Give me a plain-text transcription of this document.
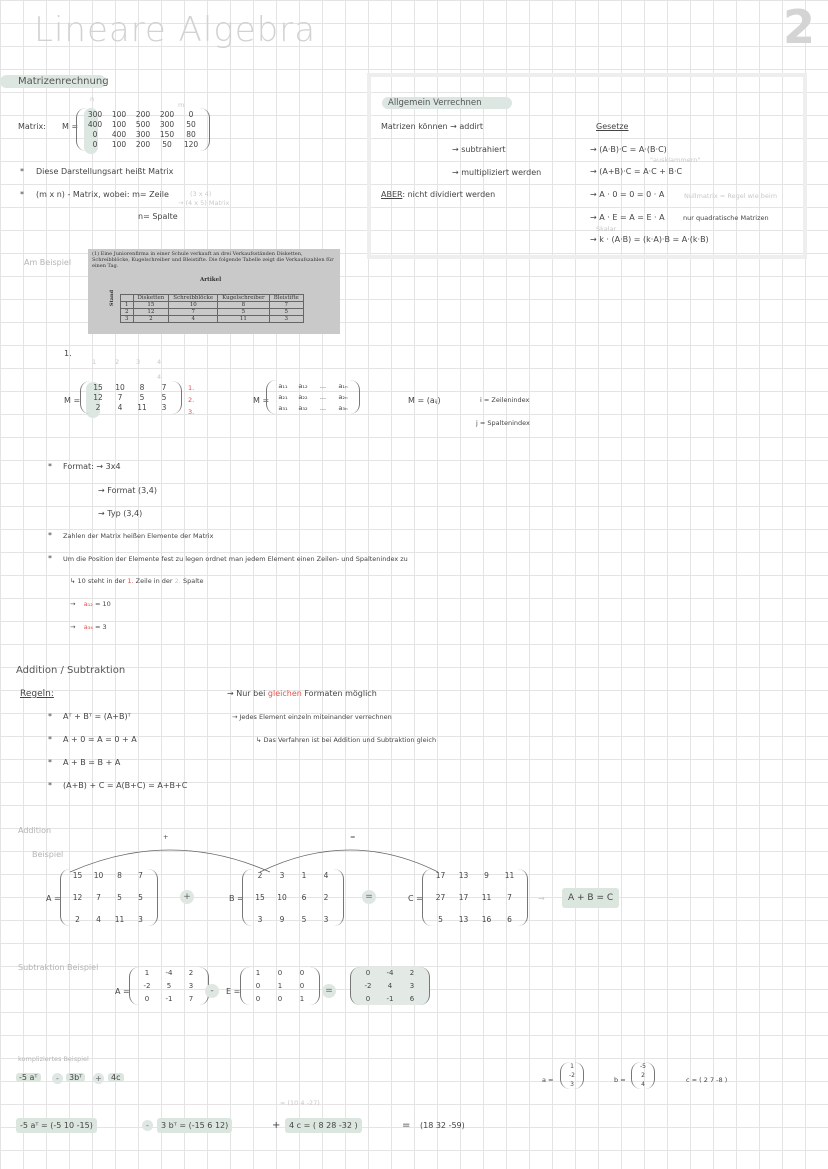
Lineare Algebra	2
Matrizenrechnung
Matrix: M =
n
m
300	100	200	200	0
400	100	500	300	50
0	400	300	150	80
0	100	200	50	120
* Diese Darstellungsart heißt Matrix
* (m x n) - Matrix, wobei: m= Zeile	(3 x 4)
→ (4 x 5) Matrix
n= Spalte
Allgemein Verrechnen
Matrizen können → addirt
→ subtrahiert
→ multipliziert werden
ABER: nicht dividiert werden
Gesetze
→ (A·B)·C = A·(B·C)
"ausklammern"
→ (A+B)·C = A·C + B·C
→ A · 0 = 0 = 0 · A	Nullmatrix = Regel wie beim
→ A · E = A = E · A	nur quadratische Matrizen
Skalar
→ k · (A·B) = (k·A)·B = A·(k·B)
Am Beispiel
(1) Eine Juniorenfirma in einer Schule verkauft an drei Verkaufsständen Disketten, Schreibblöcke, Kugelschreiber und Bleistifte. Die folgende Tabelle zeigt die Verkaufszahlen für einen Tag.
Artikel
Stand
		Disketten	Schreibblöcke	Kugelschreiber	Bleistifte
1	15	10	8	7
2	12	7	5	5
3	2	4	11	3
1.
1	2	3	4
4
M =
15	10	8	7
12	7	5	5
2	4	11	3
1.
2.
3.
M =
a₁₁	a₁₂	...	a₁ₙ
a₂₁	a₂₂	...	a₂ₙ
a₃₁	a₃₂	...	a₃ₙ
M = (aᵢⱼ)	i = Zeilenindex
j = Spaltenindex
* Format: → 3x4
→ Format (3,4)
→ Typ (3,4)
* Zahlen der Matrix heißen Elemente der Matrix
* Um die Position der Elemente fest zu legen ordnet man jedem Element einen Zeilen- und Spaltenindex zu
↳ 10 steht in der 1. Zeile in der 2. Spalte
→ a₁₂ = 10
→ a₃₄ = 3
Addition / Subtraktion
Regeln:
* Aᵀ + Bᵀ = (A+B)ᵀ
* A + 0 = A = 0 + A
* A + B = B + A
* (A+B) + C = A(B+C) = A+B+C
→ Nur bei gleichen Formaten möglich
→ Jedes Element einzeln miteinander verrechnen
↳ Das Verfahren ist bei Addition und Subtraktion gleich
Addition
Beispiel
+	=
A =
15	10	8	7
12	7	5	5
2	4	11	3
+	B =
2	3	1	4
15	10	6	2
3	9	5	3
=	C =
17	13	9	11
27	17	11	7
5	13	16	6
→	A + B = C
Subtraktion Beispiel
A =
1	-4	2
-2	5	3
0	-1	7
-	E =
1	0	0
0	1	0
0	0	1
=
0	-4	2
-2	4	3
0	-1	6
kompliziertes Beispiel
-5 aᵀ	-	3bᵀ	+	4c	a =
1
-2
3
b =
-5
2
4
c = ( 2 7 -8 )
= (10 4 -27)
-5 aᵀ = (-5 10 -15)	-	3 bᵀ = (-15 6 12)	+	4 c = ( 8 28 -32 )	= (18 32 -59)
